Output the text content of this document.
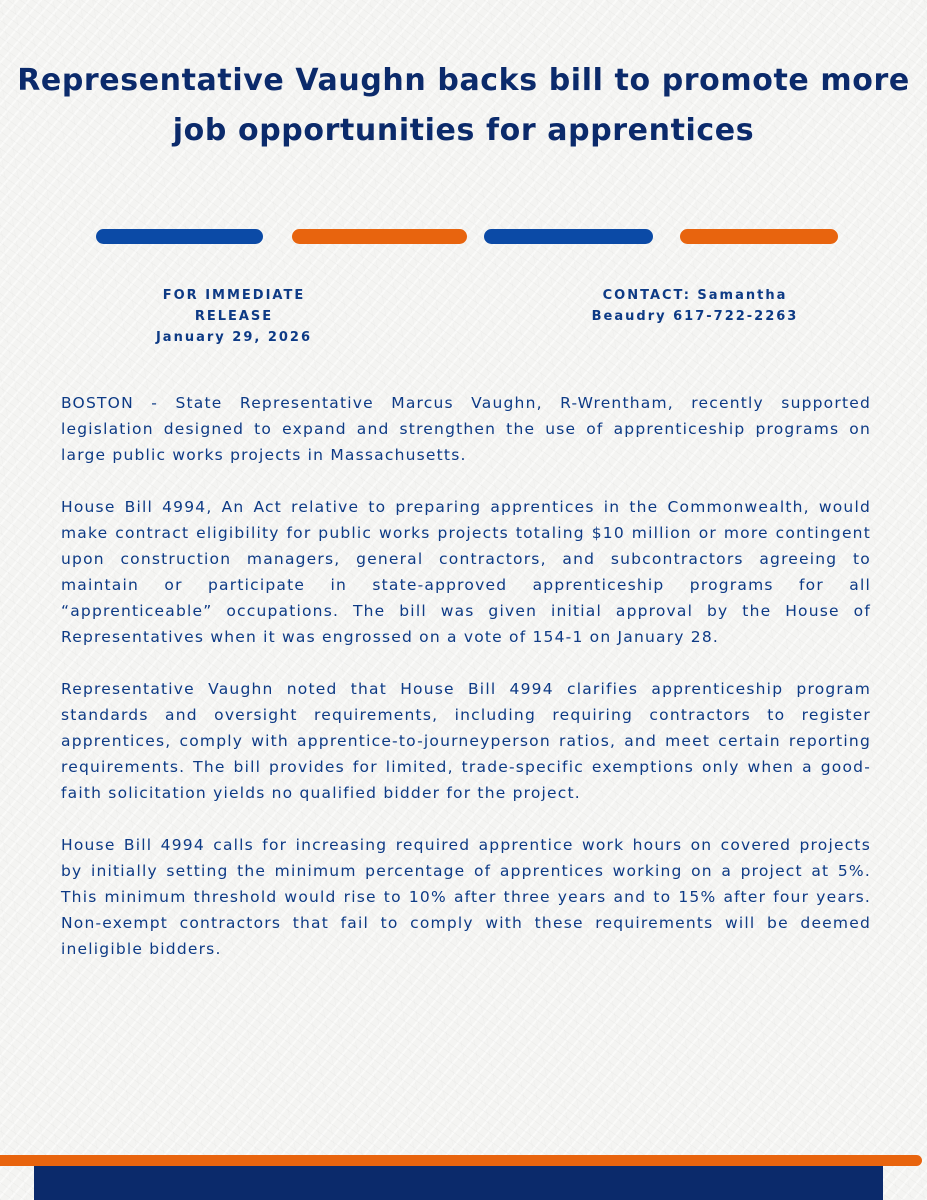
Representative Vaughn backs bill to promote more
job opportunities for apprentices
FOR IMMEDIATE
RELEASE
January 29, 2026
CONTACT: Samantha
Beaudry 617-722-2263

BOSTON - State Representative Marcus Vaughn, R-Wrentham, recently supported legislation designed to expand and strengthen the use of apprenticeship programs on large public works projects in Massachusetts.

House Bill 4994, An Act relative to preparing apprentices in the Commonwealth, would make contract eligibility for public works projects totaling $10 million or more contingent upon construction managers, general contractors, and subcontractors agreeing to maintain or participate in state-approved apprenticeship programs for all “apprenticeable” occupations. The bill was given initial approval by the House of Representatives when it was engrossed on a vote of 154-1 on January 28.

Representative Vaughn noted that House Bill 4994 clarifies apprenticeship program standards and oversight requirements, including requiring contractors to register apprentices, comply with apprentice-to-journeyperson ratios, and meet certain reporting requirements. The bill provides for limited, trade-specific exemptions only when a good-faith solicitation yields no qualified bidder for the project.

House Bill 4994 calls for increasing required apprentice work hours on covered projects by initially setting the minimum percentage of apprentices working on a project at 5%. This minimum threshold would rise to 10% after three years and to 15% after four years. Non-exempt contractors that fail to comply with these requirements will be deemed ineligible bidders.
